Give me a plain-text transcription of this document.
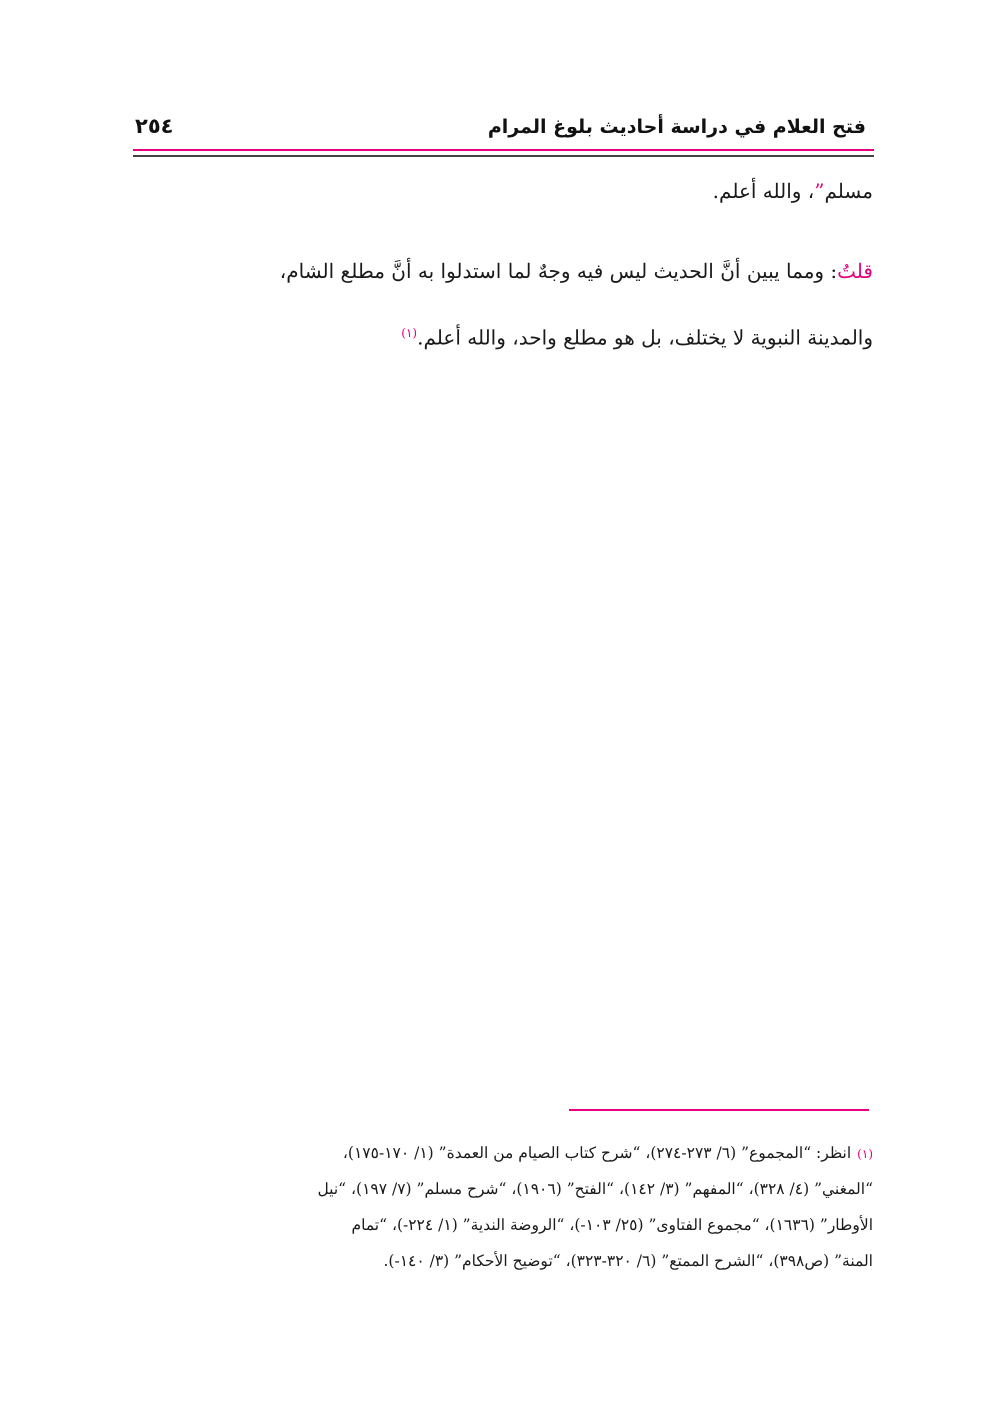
فتح العلام في دراسة أحاديث بلوغ المرام
٢٥٤
مسلم”، والله أعلم.
قلتُ: ومما يبين أنَّ الحديث ليس فيه وجهٌ لما استدلوا به أنَّ مطلع الشام،
والمدينة النبوية لا يختلف، بل هو مطلع واحد، والله أعلم.$^{(١)}$
(١)انظر: “المجموع” (٦/ ٢٧٣-٢٧٤)، “شرح كتاب الصيام من العمدة” (١/ ١٧٠-١٧٥)،
“المغني” (٤/ ٣٢٨)، “المفهم” (٣/ ١٤٢)، “الفتح” (١٩٠٦)، “شرح مسلم” (٧/ ١٩٧)، “نيل
الأوطار” (١٦٣٦)، “مجموع الفتاوى” (٢٥/ ١٠٣-)، “الروضة الندية” (١/ ٢٢٤-)، “تمام
المنة” (ص٣٩٨)، “الشرح الممتع” (٦/ ٣٢٠-٣٢٣)، “توضيح الأحكام” (٣/ ١٤٠-).
